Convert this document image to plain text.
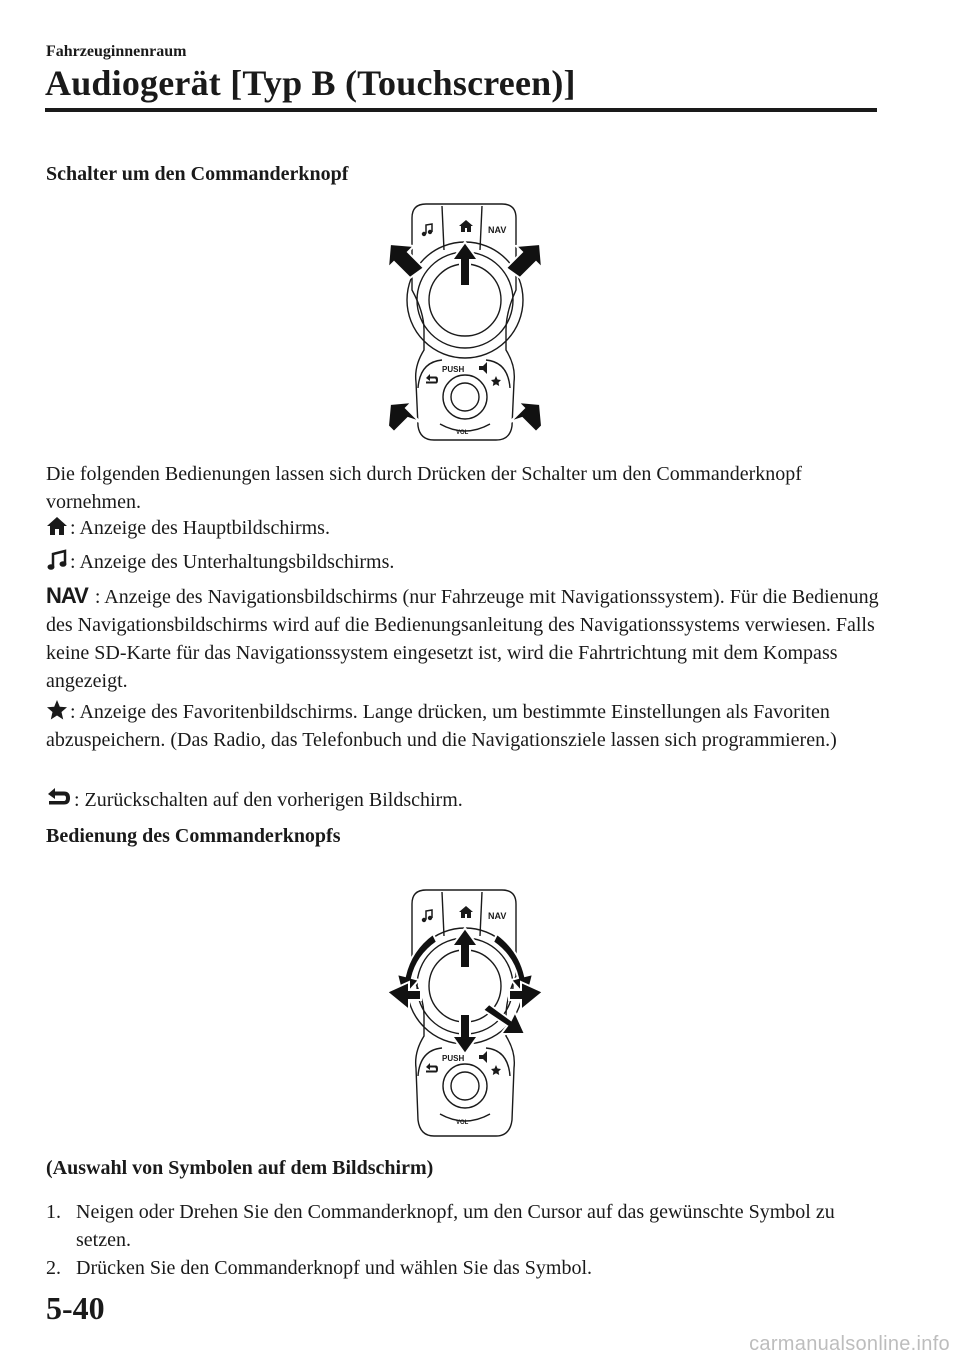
Fahrzeuginnenraum
Audiogerät [Typ B (Touchscreen)]
Schalter um den Commanderknopf
NAV
PUSH
VOL
Die folgenden Bedienungen lassen sich durch Drücken der Schalter um den Commanderknopf vornehmen.
: Anzeige des Hauptbildschirms.
: Anzeige des Unterhaltungsbildschirms.
NAV : Anzeige des Navigationsbildschirms (nur Fahrzeuge mit Navigationssystem). Für die Bedienung des Navigationsbildschirms wird auf die Bedienungsanleitung des Navigationssystems verwiesen. Falls keine SD-Karte für das Navigationssystem eingesetzt ist, wird die Fahrtrichtung mit dem Kompass angezeigt.
: Anzeige des Favoritenbildschirms. Lange drücken, um bestimmte Einstellungen als Favoriten abzuspeichern. (Das Radio, das Telefonbuch und die Navigationsziele lassen sich programmieren.)
: Zurückschalten auf den vorherigen Bildschirm.
Bedienung des Commanderknopfs
NAV
PUSH
VOL
(Auswahl von Symbolen auf dem Bildschirm)
1. Neigen oder Drehen Sie den Commanderknopf, um den Cursor auf das gewünschte Symbol zu setzen.
2. Drücken Sie den Commanderknopf und wählen Sie das Symbol.
5-40
carmanualsonline.info
